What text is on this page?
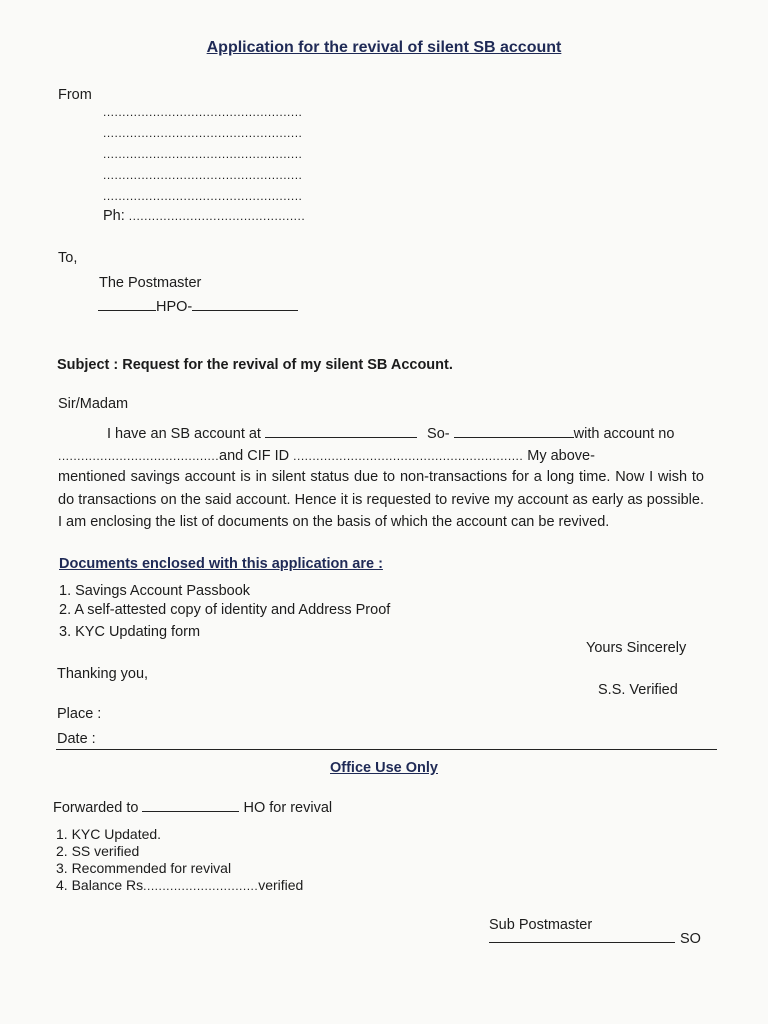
Application for the revival of silent SB account
From
....................................................
....................................................
....................................................
....................................................
....................................................
Ph: ..............................................
To,
The Postmaster
HPO-
Subject : Request for the revival of my silent SB Account.
Sir/Madam
I have an SB account at	So-	with account no
..........................................and CIF ID ............................................................ My above-
mentioned savings account is in silent status due to non-transactions for a long time. Now I wish to do transactions on the said account. Hence it is requested to revive my account as early as possible. I am enclosing the list of documents on the basis of which the account can be revived.
Documents enclosed with this application are :
1. Savings Account Passbook
2. A self-attested copy of identity and Address Proof
3. KYC Updating form
Yours Sincerely
Thanking you,
S.S. Verified
Place :
Date :
Office Use Only
Forwarded to	HO for revival
1. KYC Updated.
2. SS verified
3. Recommended for revival
4. Balance Rs..............................verified
Sub Postmaster
SO
